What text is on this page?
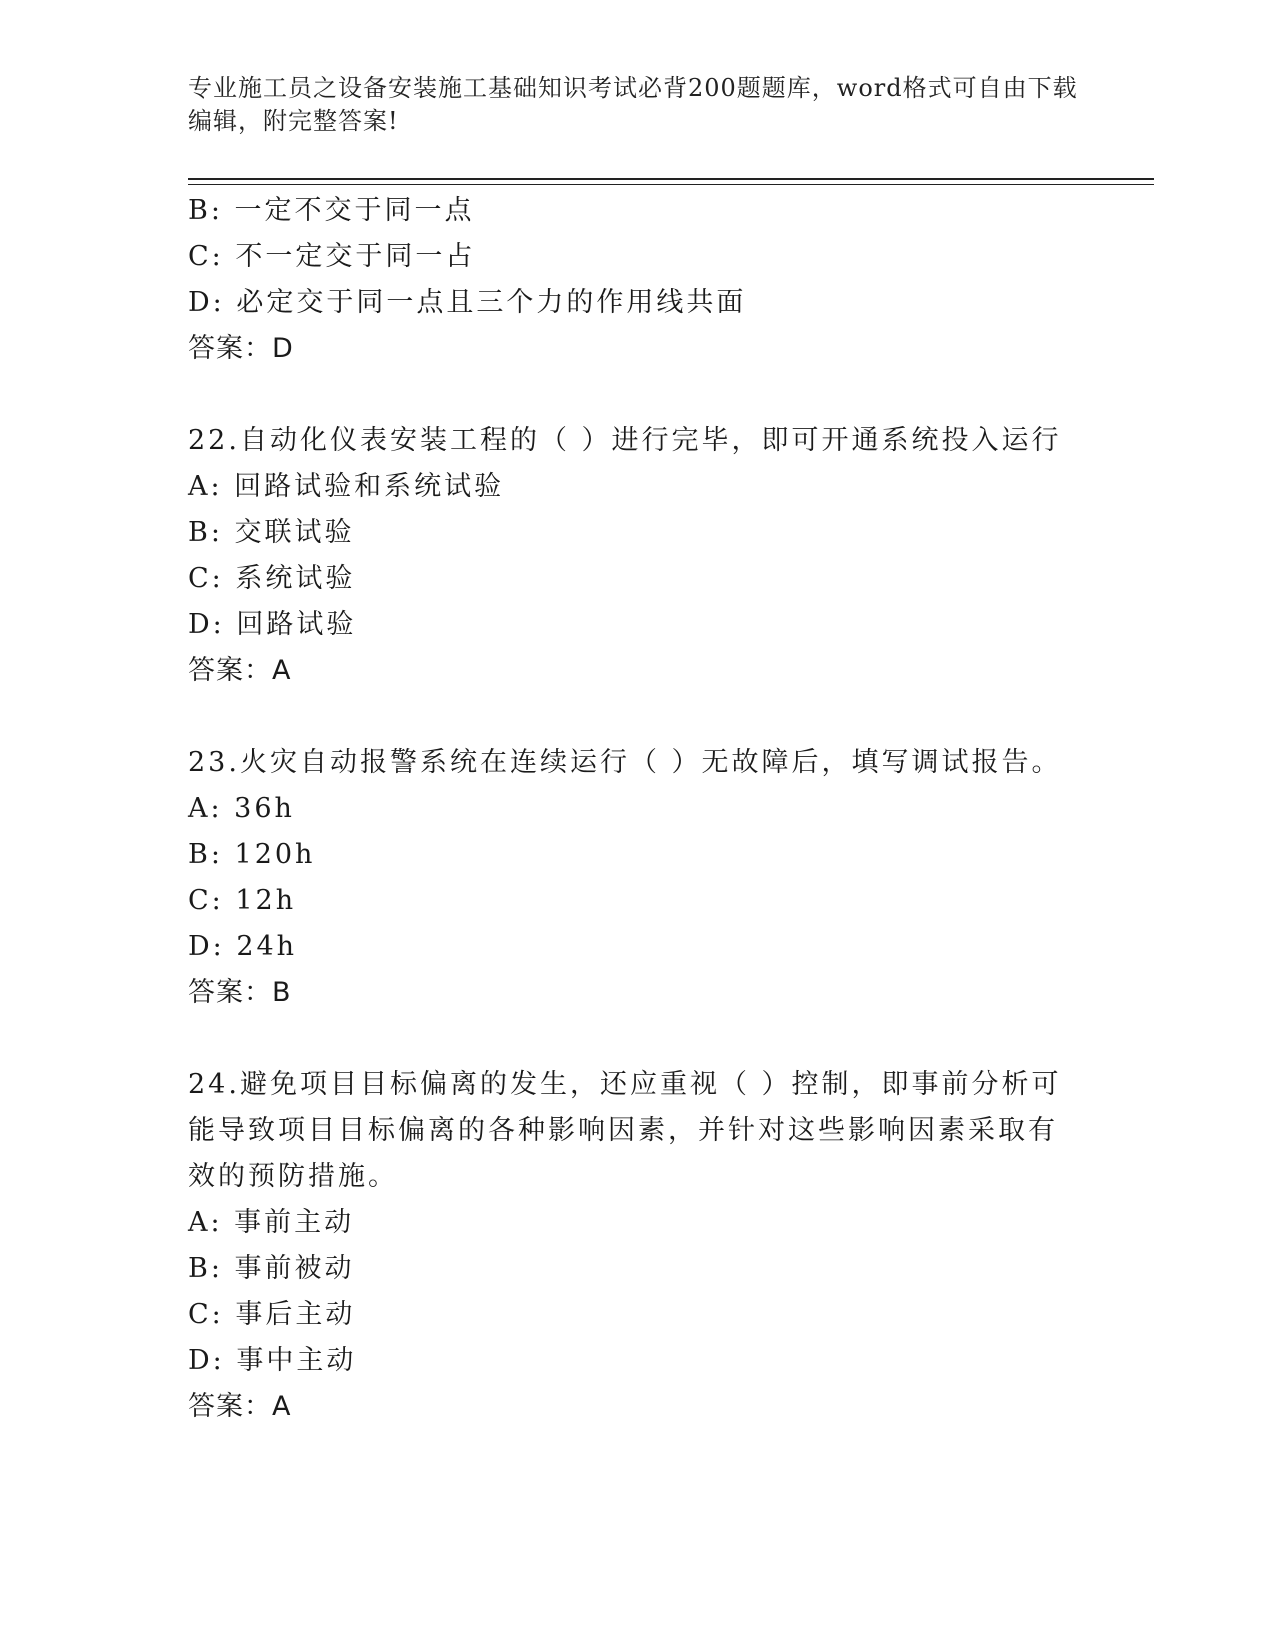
专业施工员之设备安装施工基础知识考试必背200题题库，word格式可自由下载
编辑，附完整答案!
B: 一定不交于同一点
C: 不一定交于同一占
D: 必定交于同一点且三个力的作用线共面
答案：D
22.自动化仪表安装工程的（ ）进行完毕，即可开通系统投入运行
A: 回路试验和系统试验
B: 交联试验
C: 系统试验
D: 回路试验
答案：A
23.火灾自动报警系统在连续运行（ ）无故障后，填写调试报告。
A: 36h
B: 120h
C: 12h
D: 24h
答案：B
24.避免项目目标偏离的发生，还应重视（ ）控制，即事前分析可能导致项目目标偏离的各种影响因素，并针对这些影响因素采取有效的预防措施。
A: 事前主动
B: 事前被动
C: 事后主动
D: 事中主动
答案：A
